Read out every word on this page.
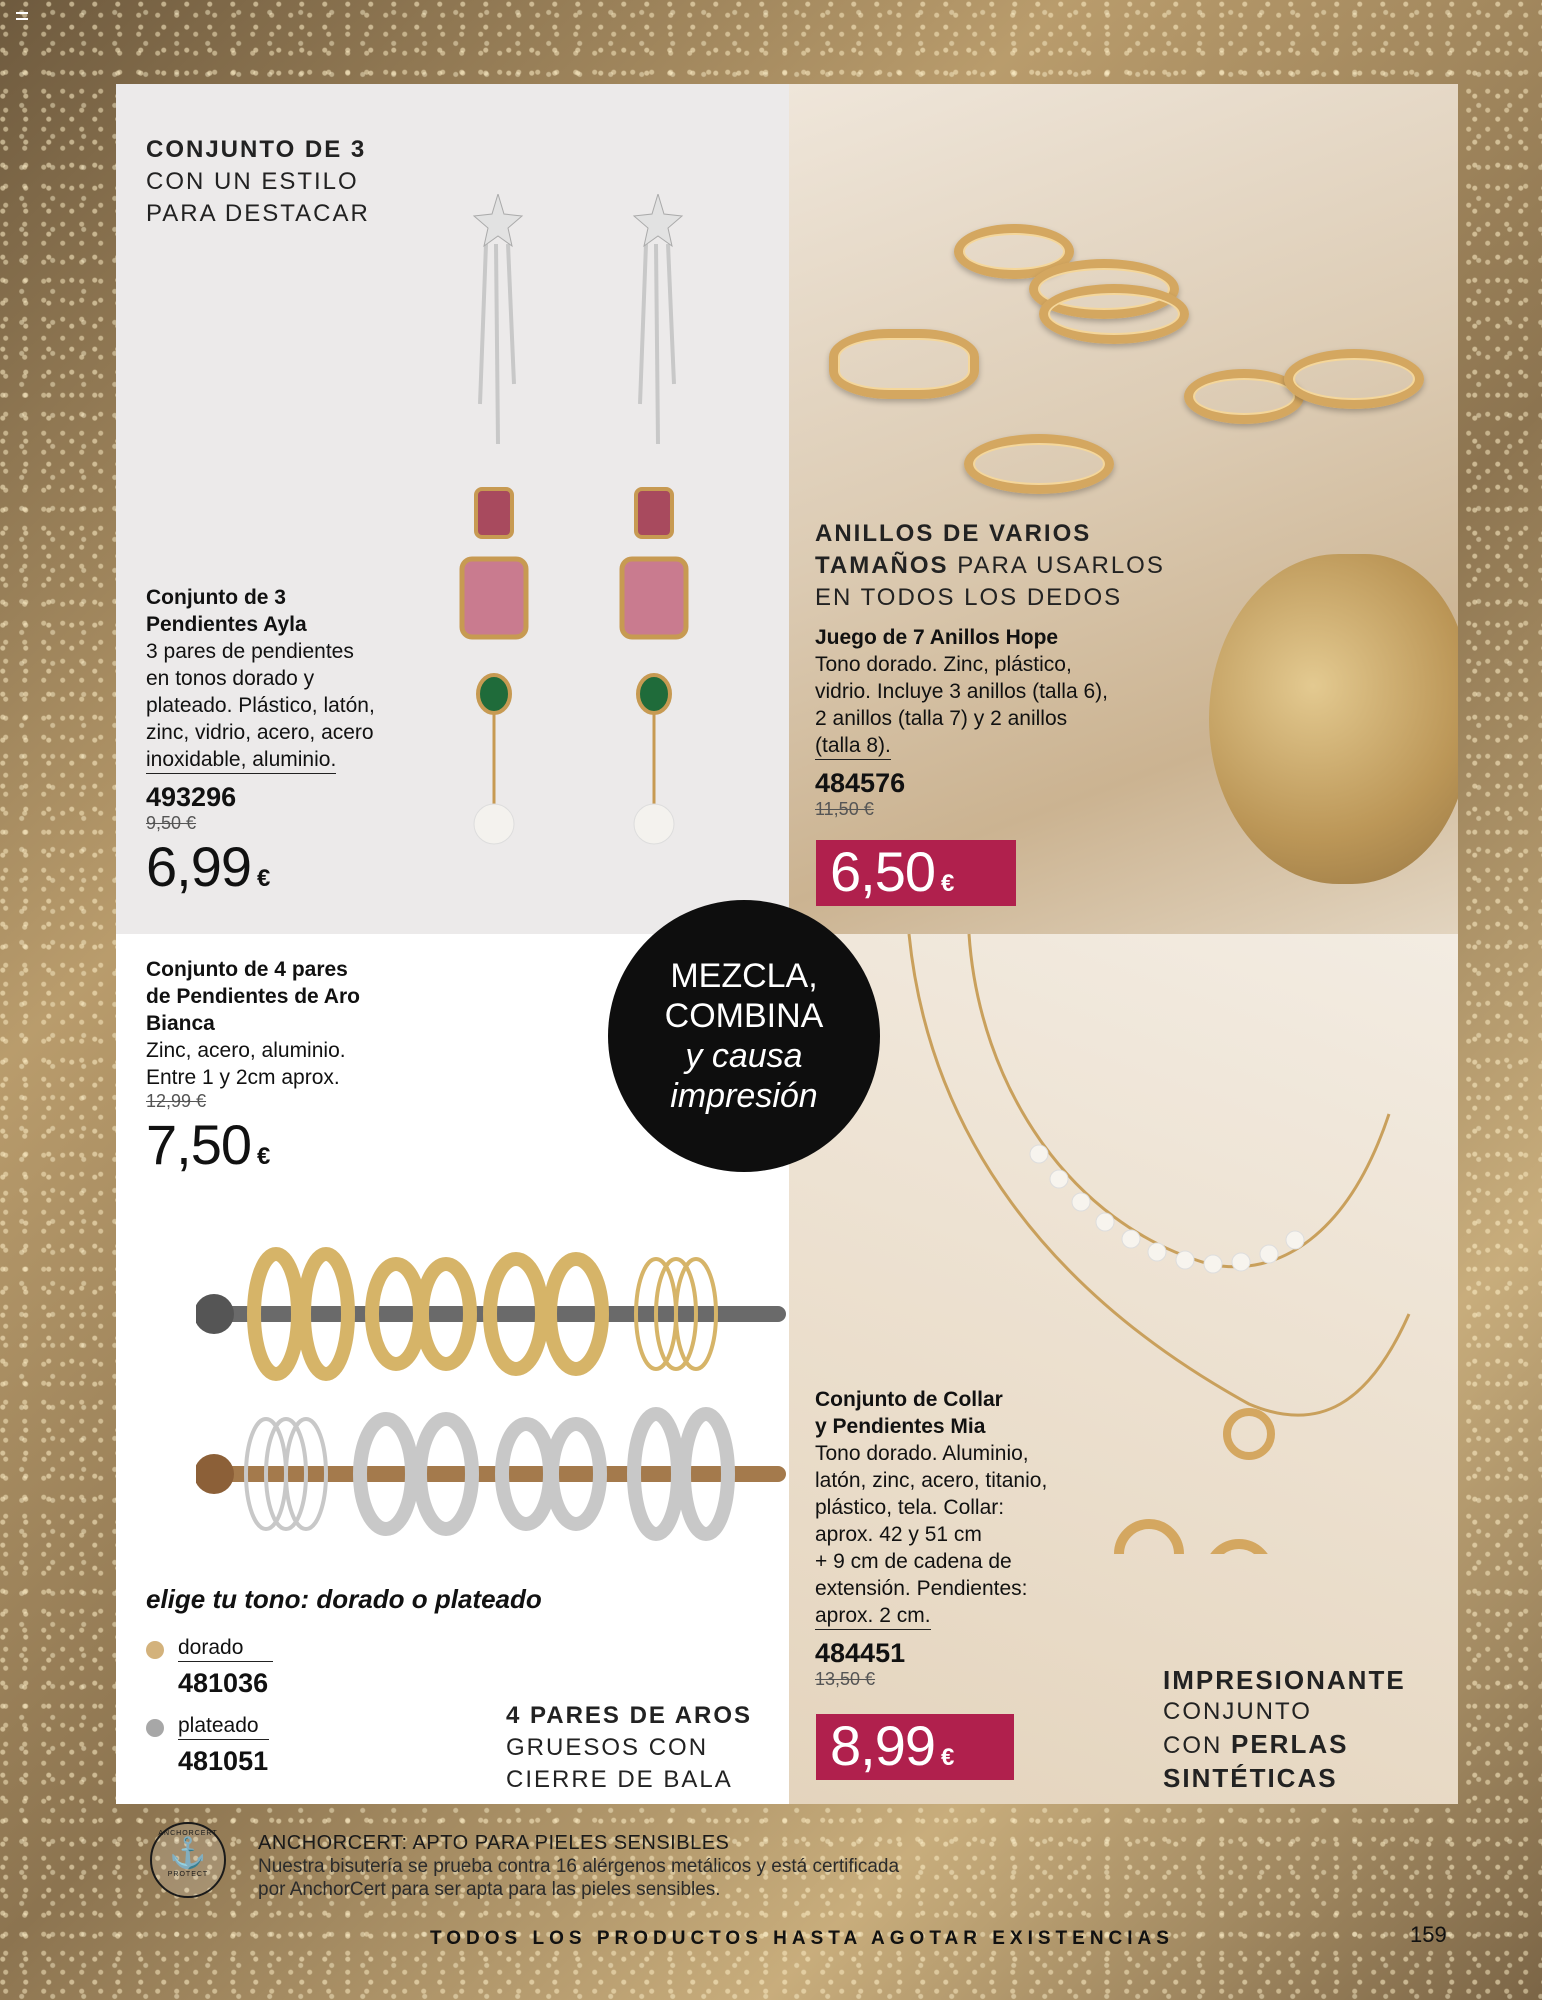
CONJUNTO DE 3
CON UN ESTILO
PARA DESTACAR
Conjunto de 3
Pendientes Ayla
3 pares de pendientes
en tonos dorado y
plateado. Plástico, latón,
zinc, vidrio, acero, acero
inoxidable, aluminio.
493296
9,50 €
6,99 €
ANILLOS DE VARIOS
TAMAÑOS PARA USARLOS
EN TODOS LOS DEDOS
Juego de 7 Anillos Hope
Tono dorado. Zinc, plástico,
vidrio. Incluye 3 anillos (talla 6),
2 anillos (talla 7) y 2 anillos
(talla 8).
484576
11,50 €
6,50 €
MEZCLA,
COMBINA
y causa
impresión
Conjunto de 4 pares
de Pendientes de Aro
Bianca
Zinc, acero, aluminio.
Entre 1 y 2cm aprox.
12,99 €
7,50 €
elige tu tono: dorado o plateado
dorado
481036
plateado
481051
4 PARES DE AROS
GRUESOS CON
CIERRE DE BALA
Conjunto de Collar
y Pendientes Mia
Tono dorado. Aluminio,
latón, zinc, acero, titanio,
plástico, tela. Collar:
aprox. 42 y 51 cm
+ 9 cm de cadena de
extensión. Pendientes:
aprox. 2 cm.
484451
13,50 €
8,99 €
IMPRESIONANTE
CONJUNTO
CON PERLAS
SINTÉTICAS
ANCHORCERT
⚓
PROTECT
ANCHORCERT: APTO PARA PIELES SENSIBLES
Nuestra bisutería se prueba contra 16 alérgenos metálicos y está certificada
por AnchorCert para ser apta para las pieles sensibles.
TODOS LOS PRODUCTOS HASTA AGOTAR EXISTENCIAS	159
